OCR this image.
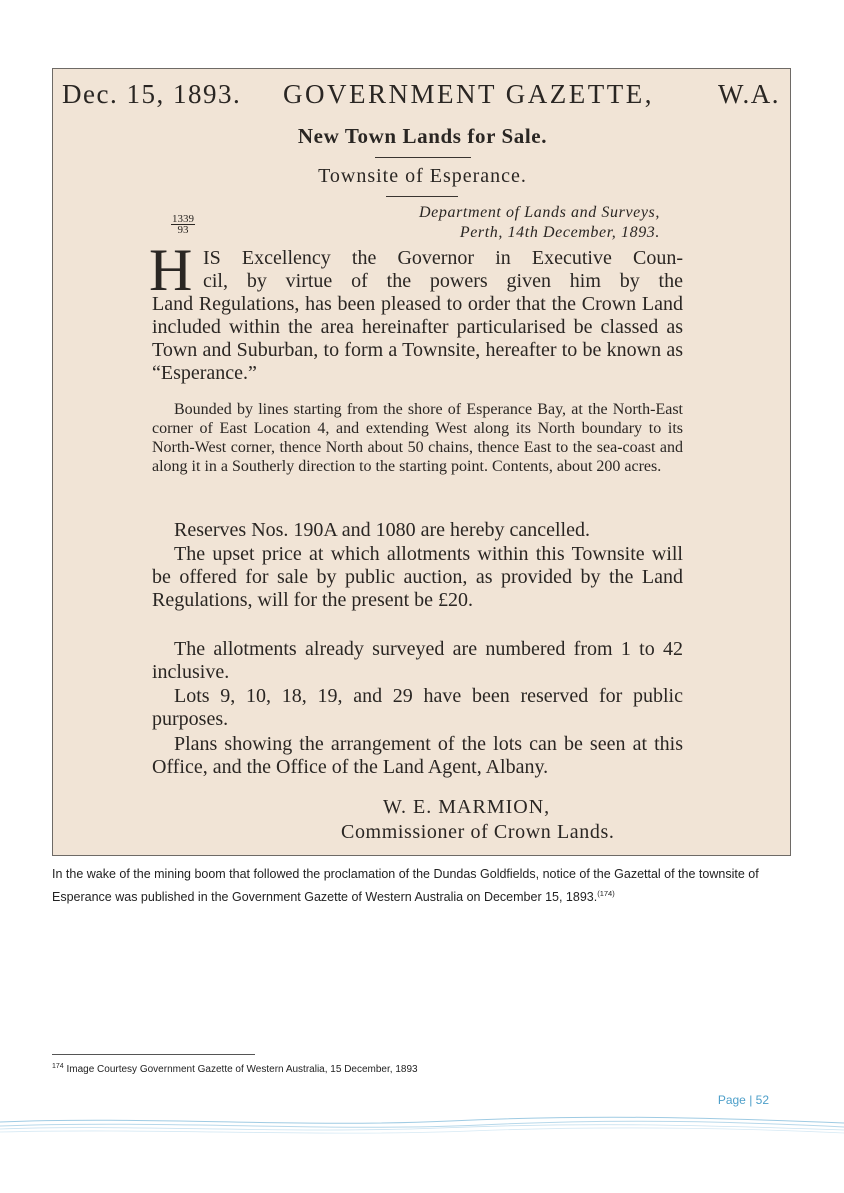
Dec. 15, 1893. GOVERNMENT GAZETTE, W.A.
New Town Lands for Sale.
Townsite of Esperance.
$\frac{1339}{93}$
Department of Lands and Surveys,
Perth, 14th December, 1893.
H IS Excellency the Governor in Executive Coun-
cil, by virtue of the powers given him by the
Land Regulations, has been pleased to order that the Crown Land included within the area hereinafter particularised be classed as Town and Suburban, to form a Townsite, hereafter to be known as “Esperance.”
Bounded by lines starting from the shore of Esperance Bay, at the North-East corner of East Location 4, and extending West along its North boundary to its North-West corner, thence North about 50 chains, thence East to the sea-coast and along it in a Southerly direction to the starting point. Contents, about 200 acres.
Reserves Nos. 190A and 1080 are hereby cancelled.
The upset price at which allotments within this Townsite will be offered for sale by public auction, as provided by the Land Regulations, will for the present be £20.
The allotments already surveyed are numbered from 1 to 42 inclusive.
Lots 9, 10, 18, 19, and 29 have been reserved for public purposes.
Plans showing the arrangement of the lots can be seen at this Office, and the Office of the Land Agent, Albany.
W. E. MARMION,
Commissioner of Crown Lands.
In the wake of the mining boom that followed the proclamation of the Dundas Goldfields, notice of the Gazettal of the townsite of Esperance was published in the Government Gazette of Western Australia on December 15, 1893.$^{(174)}$
$^{174}$ Image Courtesy Government Gazette of Western Australia, 15 December, 1893
Page | 52
